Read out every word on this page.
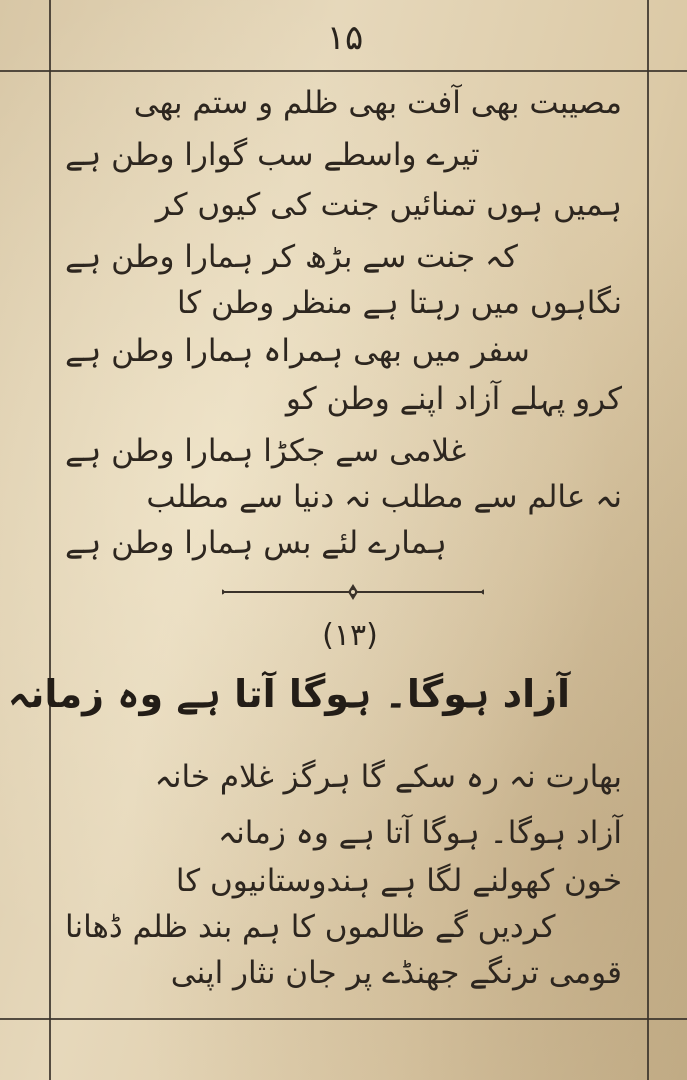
۱۵
مصیبت بھی آفت بھی ظلم و ستم بھی
تیرے واسطے سب گوارا وطن ہے
ہمیں ہوں تمنائیں جنت کی کیوں کر
کہ جنت سے بڑھ کر ہمارا وطن ہے
نگاہوں میں رہتا ہے منظر وطن کا
سفر میں بھی ہمراہ ہمارا وطن ہے
کرو پہلے آزاد اپنے وطن کو
غلامی سے جکڑا ہمارا وطن ہے
نہ عالم سے مطلب نہ دنیا سے مطلب
ہمارے لئے بس ہمارا وطن ہے
(۱۳)
آزاد ہوگا۔ ہوگا آتا ہے وہ زمانہ
بھارت نہ رہ سکے گا ہرگز غلام خانہ
آزاد ہوگا۔ ہوگا آتا ہے وہ زمانہ
خون کھولنے لگا ہے ہندوستانیوں کا
کردیں گے ظالموں کا ہم بند ظلم ڈھانا
قومی ترنگے جھنڈے پر جان نثار اپنی
